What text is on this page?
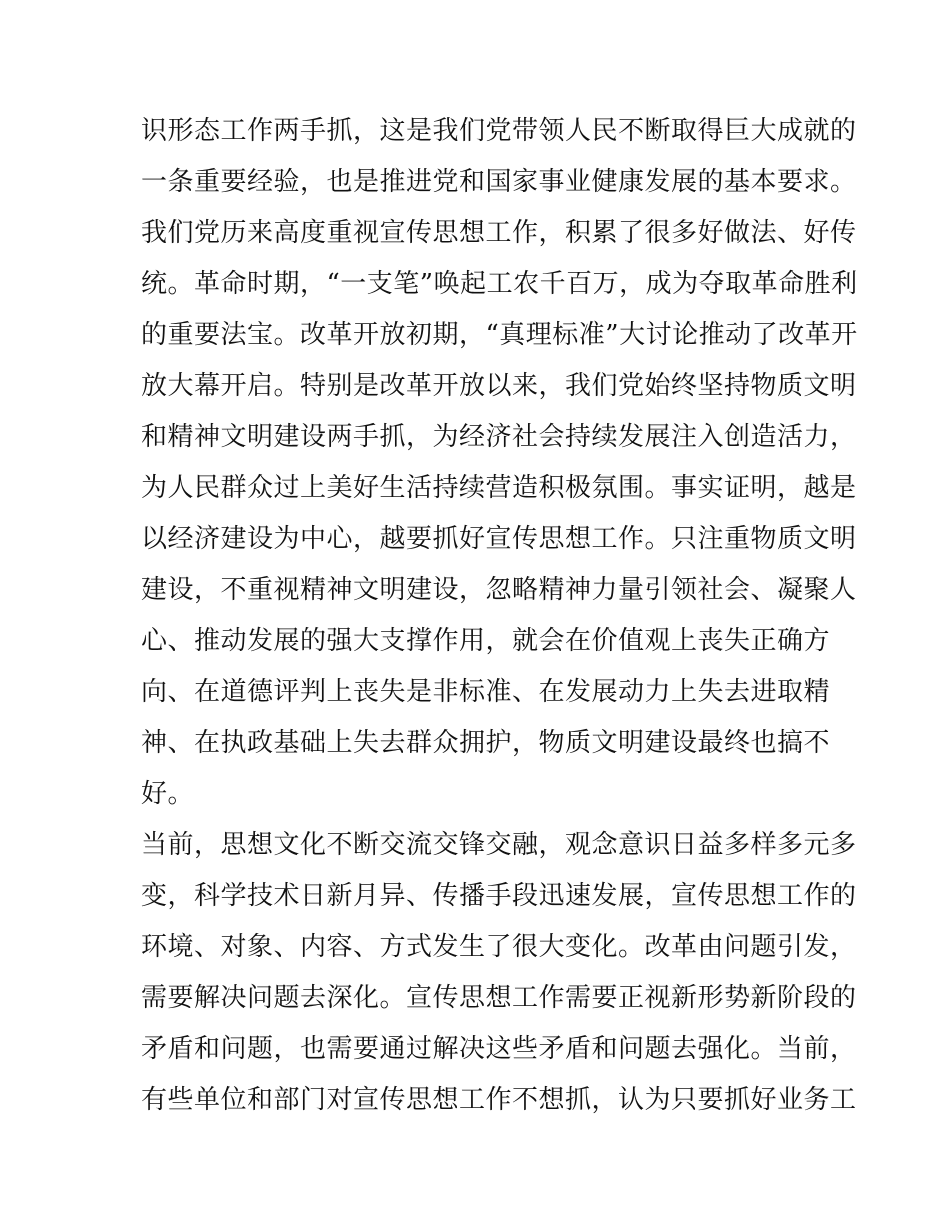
识形态工作两手抓，这是我们党带领人民不断取得巨大成就的
一条重要经验，也是推进党和国家事业健康发展的基本要求。
我们党历来高度重视宣传思想工作，积累了很多好做法、好传
统。革命时期，“一支笔”唤起工农千百万，成为夺取革命胜利
的重要法宝。改革开放初期，“真理标准”大讨论推动了改革开
放大幕开启。特别是改革开放以来，我们党始终坚持物质文明
和精神文明建设两手抓，为经济社会持续发展注入创造活力，
为人民群众过上美好生活持续营造积极氛围。事实证明，越是
以经济建设为中心，越要抓好宣传思想工作。只注重物质文明
建设，不重视精神文明建设，忽略精神力量引领社会、凝聚人
心、推动发展的强大支撑作用，就会在价值观上丧失正确方
向、在道德评判上丧失是非标准、在发展动力上失去进取精
神、在执政基础上失去群众拥护，物质文明建设最终也搞不
好。
当前，思想文化不断交流交锋交融，观念意识日益多样多元多
变，科学技术日新月异、传播手段迅速发展，宣传思想工作的
环境、对象、内容、方式发生了很大变化。改革由问题引发，
需要解决问题去深化。宣传思想工作需要正视新形势新阶段的
矛盾和问题，也需要通过解决这些矛盾和问题去强化。当前，
有些单位和部门对宣传思想工作不想抓，认为只要抓好业务工
